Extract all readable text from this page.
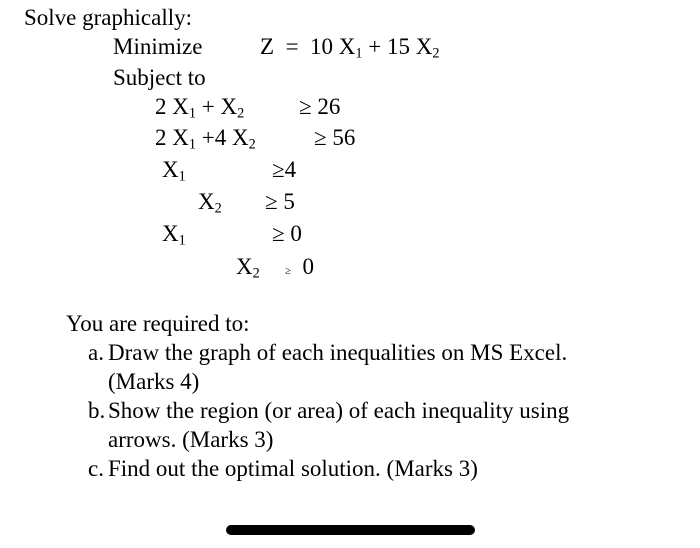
Solve graphically:
Minimize	Z = 10 $X_1 + 15$ $X_2$
Subject to
2 $X_1 + X_2 \ge 26$
2 $X_1 +4$ $X_2$	≥ 56
$X_1$	≥4
$X_2 \ge 5$
$X_1$	≥ 0
$X_2 \ge 0$
You are required to:
a. Draw the graph of each inequalities on MS Excel.
(Marks 4)
b. Show the region (or area) of each inequality using
arrows. (Marks 3)
c. Find out the optimal solution. (Marks 3)
